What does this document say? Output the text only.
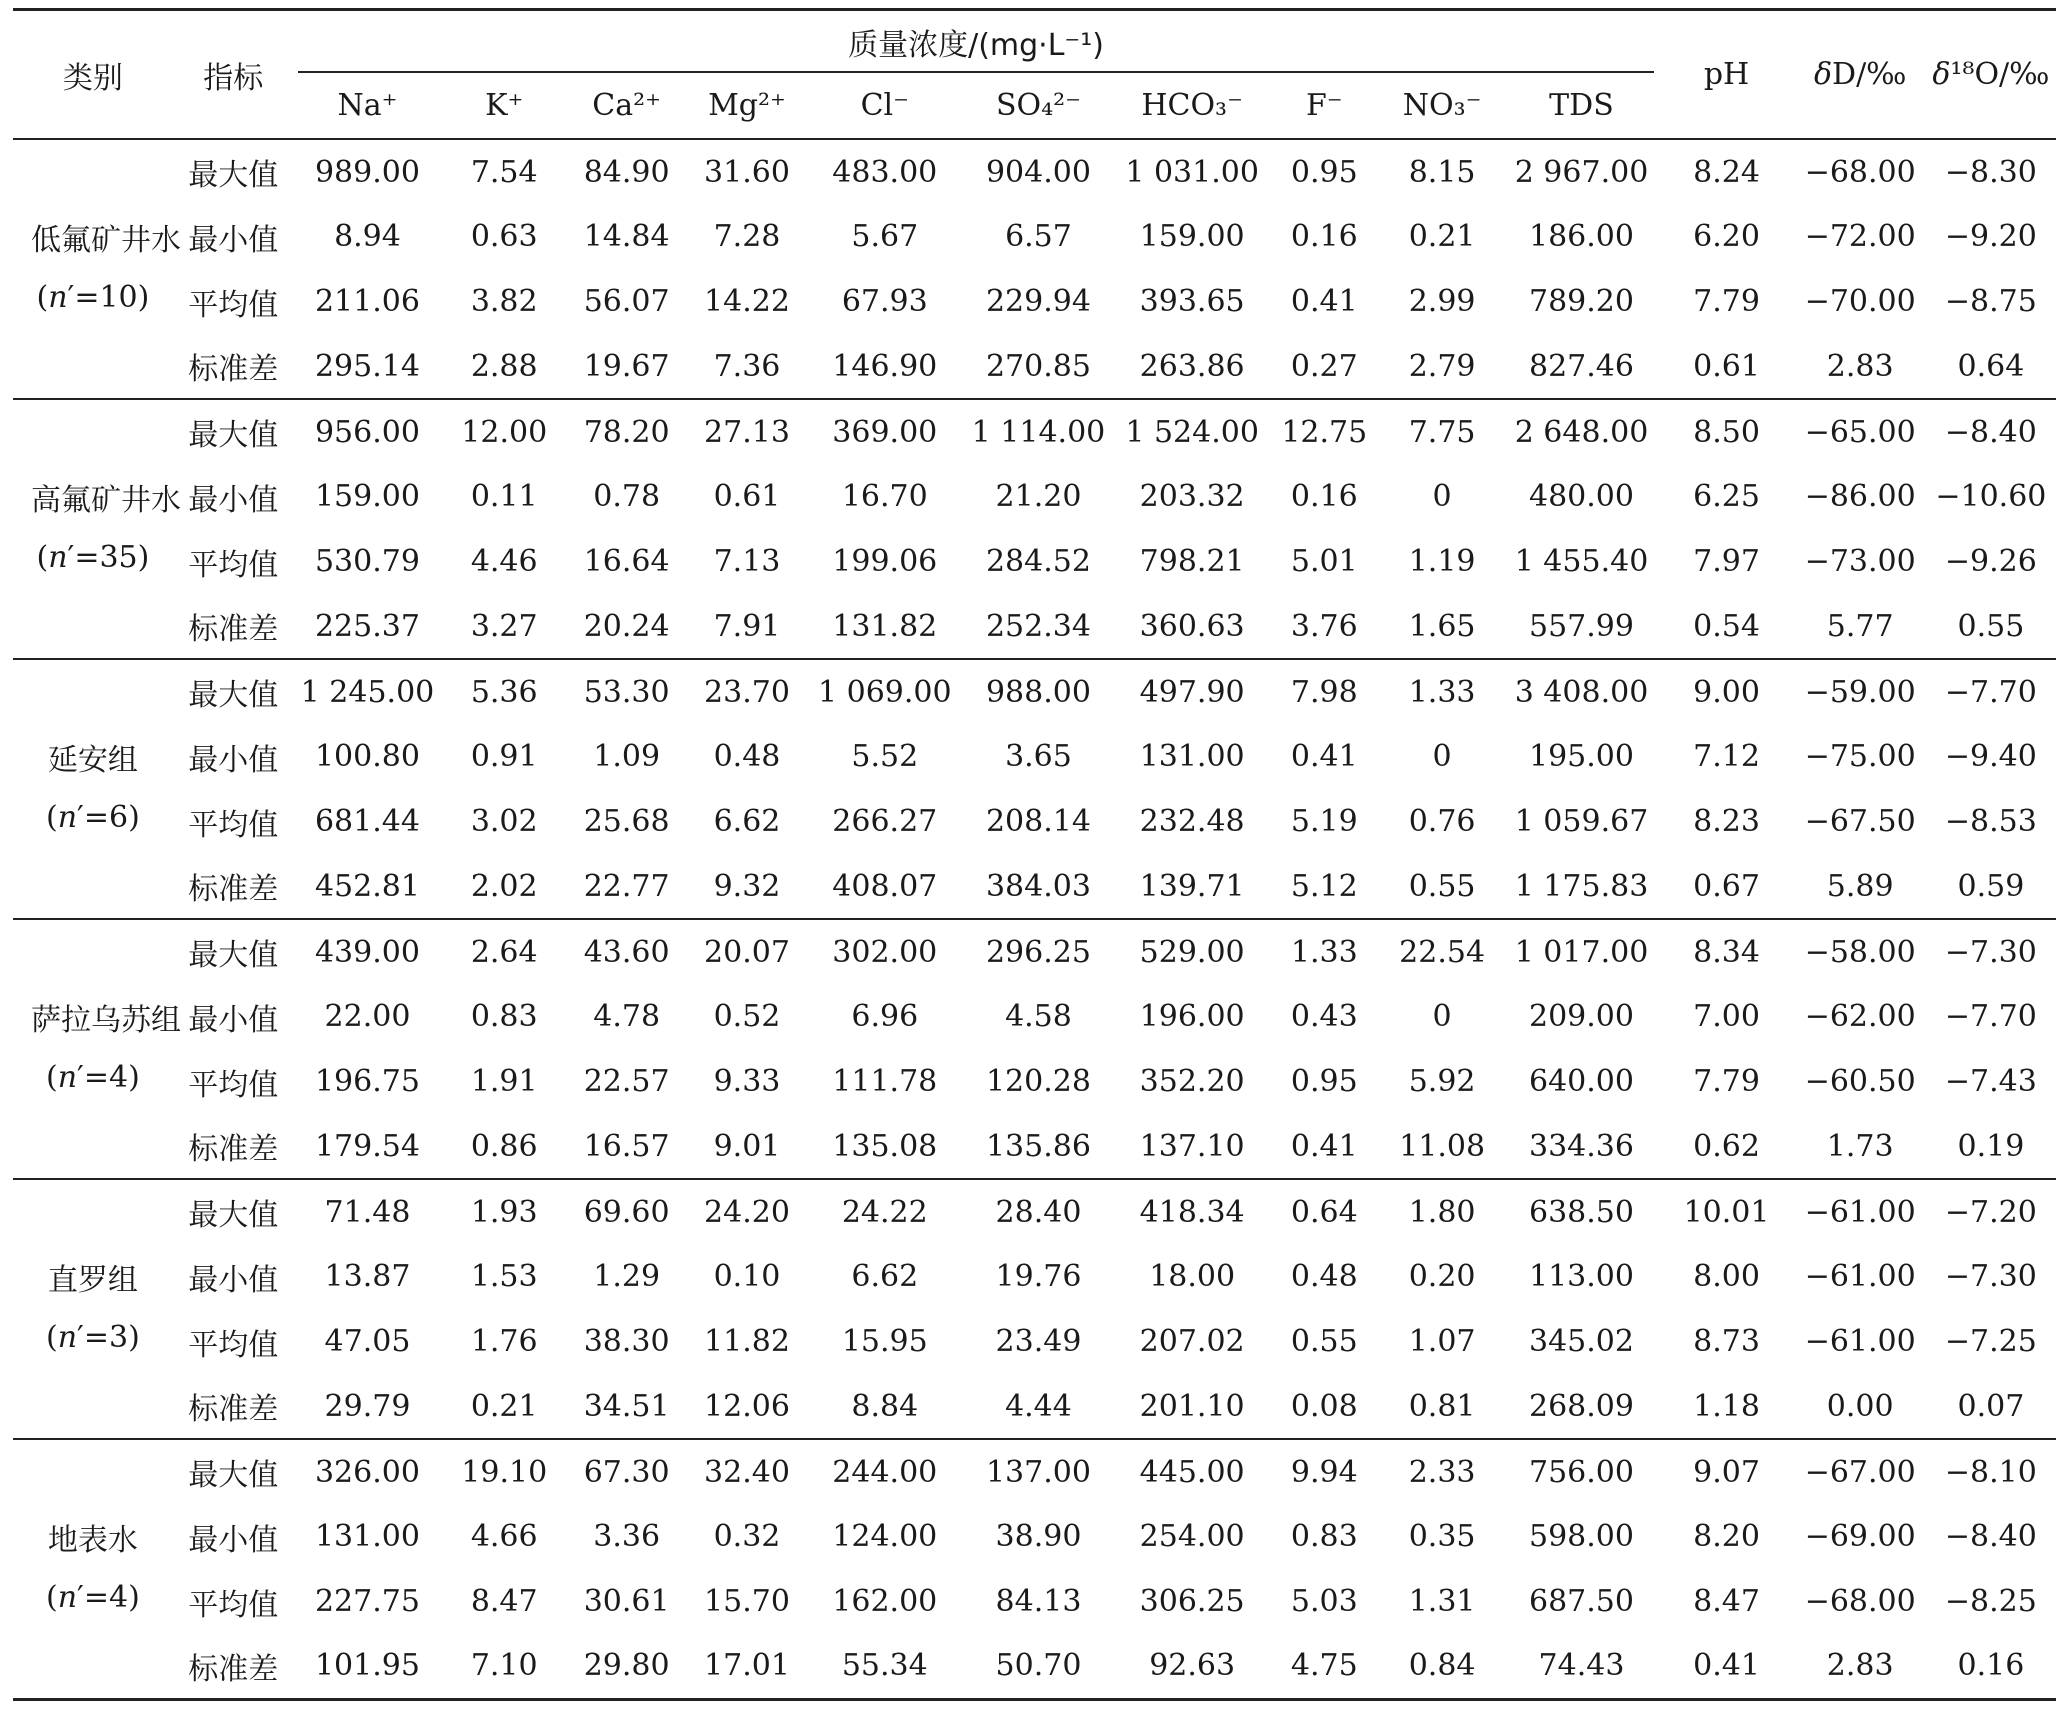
类别	指标	质量浓度/(mg·L⁻¹)										pH	δD/‰	δ¹⁸O/‰
		Na⁺	K⁺	Ca²⁺	Mg²⁺	Cl⁻	SO₄²⁻	HCO₃⁻	F⁻	NO₃⁻	TDS			

低氟矿井水
(n′=10)	最大值	989.00	7.54	84.90	31.60	483.00	904.00	1 031.00	0.95	8.15	2 967.00	8.24	−68.00	−8.30
	最小值	8.94	0.63	14.84	7.28	5.67	6.57	159.00	0.16	0.21	186.00	6.20	−72.00	−9.20
	平均值	211.06	3.82	56.07	14.22	67.93	229.94	393.65	0.41	2.99	789.20	7.79	−70.00	−8.75
	标准差	295.14	2.88	19.67	7.36	146.90	270.85	263.86	0.27	2.79	827.46	0.61	2.83	0.64

高氟矿井水
(n′=35)	最大值	956.00	12.00	78.20	27.13	369.00	1 114.00	1 524.00	12.75	7.75	2 648.00	8.50	−65.00	−8.40
	最小值	159.00	0.11	0.78	0.61	16.70	21.20	203.32	0.16	0	480.00	6.25	−86.00	−10.60
	平均值	530.79	4.46	16.64	7.13	199.06	284.52	798.21	5.01	1.19	1 455.40	7.97	−73.00	−9.26
	标准差	225.37	3.27	20.24	7.91	131.82	252.34	360.63	3.76	1.65	557.99	0.54	5.77	0.55

延安组
(n′=6)	最大值	1 245.00	5.36	53.30	23.70	1 069.00	988.00	497.90	7.98	1.33	3 408.00	9.00	−59.00	−7.70
	最小值	100.80	0.91	1.09	0.48	5.52	3.65	131.00	0.41	0	195.00	7.12	−75.00	−9.40
	平均值	681.44	3.02	25.68	6.62	266.27	208.14	232.48	5.19	0.76	1 059.67	8.23	−67.50	−8.53
	标准差	452.81	2.02	22.77	9.32	408.07	384.03	139.71	5.12	0.55	1 175.83	0.67	5.89	0.59

萨拉乌苏组
(n′=4)	最大值	439.00	2.64	43.60	20.07	302.00	296.25	529.00	1.33	22.54	1 017.00	8.34	−58.00	−7.30
	最小值	22.00	0.83	4.78	0.52	6.96	4.58	196.00	0.43	0	209.00	7.00	−62.00	−7.70
	平均值	196.75	1.91	22.57	9.33	111.78	120.28	352.20	0.95	5.92	640.00	7.79	−60.50	−7.43
	标准差	179.54	0.86	16.57	9.01	135.08	135.86	137.10	0.41	11.08	334.36	0.62	1.73	0.19

直罗组
(n′=3)	最大值	71.48	1.93	69.60	24.20	24.22	28.40	418.34	0.64	1.80	638.50	10.01	−61.00	−7.20
	最小值	13.87	1.53	1.29	0.10	6.62	19.76	18.00	0.48	0.20	113.00	8.00	−61.00	−7.30
	平均值	47.05	1.76	38.30	11.82	15.95	23.49	207.02	0.55	1.07	345.02	8.73	−61.00	−7.25
	标准差	29.79	0.21	34.51	12.06	8.84	4.44	201.10	0.08	0.81	268.09	1.18	0.00	0.07

地表水
(n′=4)	最大值	326.00	19.10	67.30	32.40	244.00	137.00	445.00	9.94	2.33	756.00	9.07	−67.00	−8.10
	最小值	131.00	4.66	3.36	0.32	124.00	38.90	254.00	0.83	0.35	598.00	8.20	−69.00	−8.40
	平均值	227.75	8.47	30.61	15.70	162.00	84.13	306.25	5.03	1.31	687.50	8.47	−68.00	−8.25
	标准差	101.95	7.10	29.80	17.01	55.34	50.70	92.63	4.75	0.84	74.43	0.41	2.83	0.16
